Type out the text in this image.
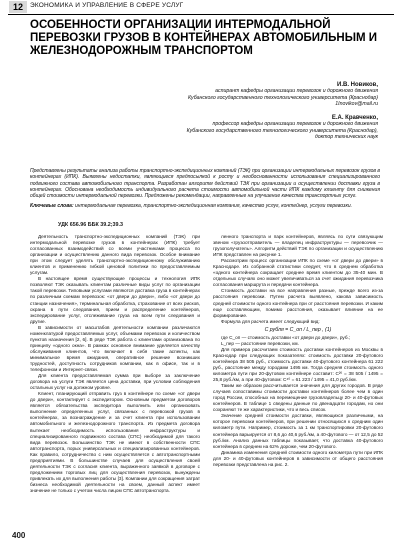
12	ЭКОНОМИКА И УПРАВЛЕНИЕ В СФЕРЕ УСЛУГ
ОСОБЕННОСТИ ОРГАНИЗАЦИИ ИНТЕРМОДАЛЬНОЙ ПЕРЕВОЗКИ ГРУЗОВ В КОНТЕЙНЕРАХ АВТОМОБИЛЬНЫМ И ЖЕЛЕЗНОДОРОЖНЫМ ТРАНСПОРТОМ
И.В. Новиков,
аспирант кафедры организации перевозок и дорожного движения
Кубанского государственного технологического университета (Краснодар)
1Inovikov@mail.ru
Е.А. Кравченко,
профессор кафедры организации перевозок и дорожного движения
Кубанского государственного технологического университета (Краснодар),
доктор технических наук

Представлены результаты анализа работы транспортно-экспедиционных компаний (ТЭК) при организации интермодальных перевозок грузов в контейнерах (ИПК). Выявлены недостатки, являющиеся предпосылкой к росту и необоснованности использования специализированного подвижного состава автомобильного транспорта. Разработан алгоритм действий ТЭК при организации и осуществлении доставки груза в контейнерах. Обоснована необходимость индивидуального расчета стоимости автомобильной части ИПК каждому клиенту для снижения общей стоимости интермодальной перевозки. Предложены рекомендации, направленные на улучшение качества транспортных услуг.

Ключевые слова: интермодальная перевозка, транспортно-экспедиционная компания, качество услуг, контейнер, услуги перевозки.

УДК 656.96 ББК 39.2;39.3

Деятельность транспортно-экспедиционных компаний (ТЭК) при интермодальной перевозке грузов в контейнерах (ИПК) требует согласованных взаимодействий со всеми участниками процесса по организации и осуществлению данного вида перевозок. Особое внимание при этом следует уделять транспортно-экспедиционному обслуживанию клиентов и применению гибкой ценовой политики по предоставляемым услугам.

В настоящее время существующие процессы и технология ИПК позволяют ТЭК оказывать клиентам различные виды услуг по организации такой перевозки. Типовыми услугами являются доставка груза в контейнерах по различным схемам перевозок: «от двери до двери», либо «от двери до станции назначения», терминальная обработка, страхование от всех рисков, охрана в пути следования, прием и распределение контейнеров, экспедирование услуг, отслеживание груза на всем пути следования и другие.

В зависимости от масштабов деятельности компании различаются номенклатурой предоставляемых услуг, объемами перевозок и количеством пунктов назначения [2, 6]. В ряде ТЭК работа с клиентами организована по принципу «одного окна». В рамках основное внимание уделяется качеству обслуживания клиентов, что включает в себя такие аспекты, как минимальное время ожидания, оперативное решение возникших трудностей, доступность сотрудников компании, как в офисе, так и в телефонном и Интернет-связи.

Для клиента предоставляемая сумма при выборе за заключение договора на услуги ТЭК является цена доставки, при условии соблюдения остальных услуг на должном уровне.

Клиент, планирующий отправить груз в контейнере по схеме «от двери до двери», контактирует с экспедитором. Основным предметом договоров является обязательства экспедитора выполнить или организовать выполнение определенных услуг, связанных с перевозкой грузов в контейнерах, за вознаграждение и за счет клиента при использовании автомобильного и железнодорожного транспорта. Из предмета договора вытекает необходимость использования инфраструктуры и специализированного подвижного состава (СПС) необходимой для такого вида перевозок. Большинство ТЭК не имеют в собственности СПС автотранспорта, порых универсальных и специализированных контейнеров. Как правило, сотрудничество с ним осуществляется с автотранспортными предприятиями. В большинстве случаев для осуществления своей деятельности ТЭК с согласия клиента, выраженного заявкой в договоре с предложением торговых лиц для осуществления перевозок, вынуждены привлекать их для выполнения работы [3]. Компании для сокращения затрат бизнеса необходимой деятельности на своем, данный аспект имеет значение не только с учетом числа лицом СПС автотранспорта.

ленного транспорта и парк контейнеров, являясь по сути связующим звеном «грузоотправитель — владелец инфраструктуры — перевозчик — грузополучатель». Алгоритм действий ТЭК по организации и осуществлению ИПК представлен на рисунке 1.

Рассмотрим процесс организации ИПК по схеме «от двери до двери» в Краснодаре. Из собранной статистики следует, что в среднем обработка «одного контейнера сокращает среднее время клиентом до 35-40 мин. В отдельных случаях оно может увеличиваться за счет ожидания перевозчика согласования маршрута и передачи контейнера.

Стоимость доставки на все направления разные, прежде всего из-за расстояния перевозки. Путем расчета выявлено, какова зависимость средней стоимости одного контейнера при от расстояния перевозки. И каким еще составляющим, помимо расстояния, оказывает влияние на ее формирование.

Формула для расчета имеет следующий вид:

C рубля = C_оп / L_пер , (1)

где C_оп — стоимость доставки «от двери до двери», руб.;

L_пер — расстояние перевозки, км.

Для примера рассчитаем стоимость доставки контейнеров из Москвы в Краснодар при следующих показателях: стоимость доставки 20-футового контейнера 38 505 руб., стоимость доставки 40-футового контейнера 61 222 руб., расстояние между городами 1495 км. Тогда средняя стоимость одного километра пути при 20-футовом контейнере составит: C²⁰ = 38 505 / 1495 = 25,8 руб./км, а при 40-футовом: C⁴⁰ = 61 223 / 1495 = 41,0 руб./км.

Таким же образом рассчитывается значения для других городов. В ряде случаев сопоставимы стоимости доставки контейнеров более чем в один город России, способных на перемещение грузовладельцу 20- и 40-футовых контейнеров. В таблице 1 сведены данные по двенадцати городам, но они сохраняют те же характеристики, что и весь список.

Значение средней стоимости доставки, являющихся различными, на которое перевозки контейнеров, при решении относящихся к средним один километр пути. Например, стоимость за 1 км транспортировки 20-футового контейнера варьируется от 8,6 до 40,6 руб./км, а 40-футового — от 12,5 до 52 руб./км. Анализ данных таблицы показывает, что доставка 40-футового контейнера в среднем на 62% дороже, чем 20-футового.

Динамика изменения средней стоимости одного километра пути при ИПК для 20- и 40-футовых контейнеров в зависимости от общего расстояния перевозки представлена на рис. 2.

400
